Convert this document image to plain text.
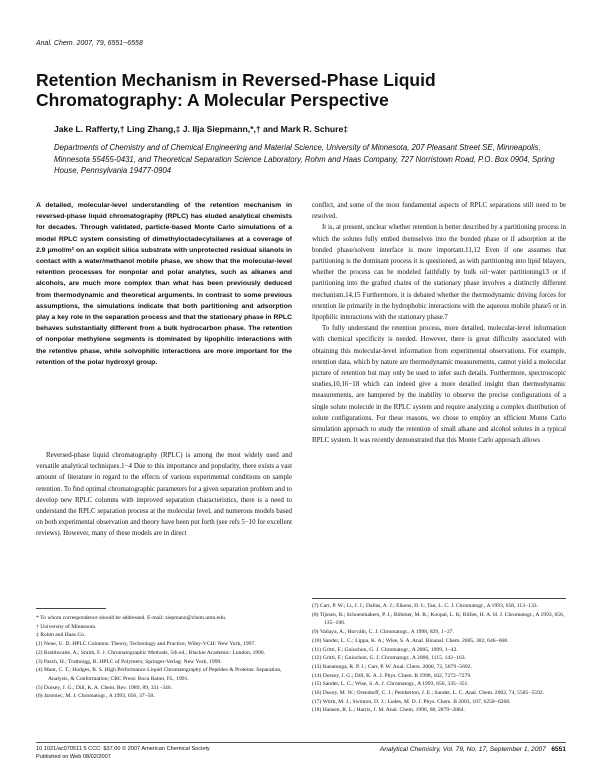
Anal. Chem. 2007, 79, 6551−6558
Retention Mechanism in Reversed-Phase Liquid Chromatography: A Molecular Perspective
Jake L. Rafferty,† Ling Zhang,‡ J. Ilja Siepmann,*,† and Mark R. Schure‡
Departments of Chemistry and of Chemical Engineering and Material Science, University of Minnesota, 207 Pleasant Street SE, Minneapolis, Minnesota 55455-0431, and Theoretical Separation Science Laboratory, Rohm and Haas Company, 727 Norristown Road, P.O. Box 0904, Spring House, Pennsylvania 19477-0904

A detailed, molecular-level understanding of the retention mechanism in reversed-phase liquid chromatography (RPLC) has eluded analytical chemists for decades. Through validated, particle-based Monte Carlo simulations of a model RPLC system consisting of dimethyloctadecylsilanes at a coverage of 2.9 μmol/m² on an explicit silica substrate with unprotected residual silanols in contact with a water/methanol mobile phase, we show that the molecular-level retention processes for nonpolar and polar analytes, such as alkanes and alcohols, are much more complex than what has been previously deduced from thermodynamic and theoretical arguments. In contrast to some previous assumptions, the simulations indicate that both partitioning and adsorption play a key role in the separation process and that the stationary phase in RPLC behaves substantially different from a bulk hydrocarbon phase. The retention of nonpolar methylene segments is dominated by lipophilic interactions with the retentive phase, while solvophilic interactions are more important for the retention of the polar hydroxyl group.

Reversed-phase liquid chromatography (RPLC) is among the most widely used and versatile analytical techniques.1−4 Due to this importance and popularity, there exists a vast amount of literature in regard to the effects of various experimental conditions on sample retention. To find optimal chromatographic parameters for a given separation problem and to develop new RPLC columns with improved separation characteristics, there is a need to understand the RPLC separation process at the molecular level, and numerous models based on both experimental observation and theory have been put forth (see refs 5−10 for excellent reviews). However, many of these models are in direct

* To whom correspondence should be addressed. E-mail: siepmann@chem.umn.edu.
† University of Minnesota.
‡ Rohm and Haas Co.
(1) Neue, U. D. HPLC Columns: Theory, Technology and Practice; Wiley-VCH: New York, 1997.
(2) Braithwaite, A.; Smith, F. J. Chromatographic Methods, 5th ed.; Blackie Academic: London, 1996.
(3) Pasch, H.; Trathnigg, B. HPLC of Polymers; Springer-Verlag: New York, 1999.
(4) Mant, C. T.; Hodges, R. S. High Performance Liquid Chromatography of Peptides & Proteins: Separation, Analysis, & Conformation; CRC Press: Boca Raton, FL, 1991.
(5) Dorsey, J. G.; Dill, K. A. Chem. Rev. 1989, 89, 331−346.
(6) Jaroniec, M. J. Chromatogr., A 1993, 656, 37−50.

conflict, and some of the most fundamental aspects of RPLC separations still need to be resolved.

It is, at present, unclear whether retention is better described by a partitioning process in which the solutes fully embed themselves into the bonded phase or if adsorption at the bonded phase/solvent interface is more important.11,12 Even if one assumes that partitioning is the dominant process it is questioned, as with partitioning into lipid bilayers, whether the process can be modeled faithfully by bulk oil−water partitioning13 or if partitioning into the grafted chains of the stationary phase involves a distinctly different mechanism.14,15 Furthermore, it is debated whether the thermodynamic driving forces for retention lie primarily in the hydrophobic interactions with the aqueous mobile phase5 or in lipophilic interactions with the stationary phase.7

To fully understand the retention process, more detailed, molecular-level information with chemical specificity is needed. However, there is great difficulty associated with obtaining this molecular-level information from experimental observations. For example, retention data, which by nature are thermodynamic measurements, cannot yield a molecular picture of retention but may only be used to infer such details. Furthermore, spectroscopic studies,10,16−18 which can indeed give a more detailed insight than thermodynamic measurements, are hampered by the inability to observe the precise configurations of a single solute molecule in the RPLC system and require analyzing a complex distribution of solute configurations. For these reasons, we chose to employ an efficient Monte Carlo simulation approach to study the retention of small alkane and alcohol solutes in a typical RPLC system. It was recently demonstrated that this Monte Carlo approach allows

(7) Carr, P. W.; Li, J. J.; Dallas, A. J.; Eikens, D. I.; Tan, L. C. J. Chromatogr., A 1993, 656, 113−133.
(8) Tijssen, R.; Schoenmakers, P. J.; Böhmer, M. R.; Koopal, L. K; Billiet, H. A. H. J. Chromatogr., A 1993, 656, 135−196.
(9) Vailaya, A.; Horváth, C. J. Chromatogr., A 1998, 829, 1−27.
(10) Sander, L. C.; Lippa, K. A.; Wise, S. A. Anal. Bioanal. Chem. 2005, 382, 646−668.
(11) Gritti, F.; Guiochon, G. J. Chromatogr., A 2005, 1099, 1−42.
(12) Gritti, F.; Guiochon, G. J. Chromatogr., A 2006, 1115, 142−163.
(13) Ranatunga, R. P. J.; Carr, P. W. Anal. Chem. 2000, 72, 5679−5692.
(14) Dorsey, J. G.; Dill, K. A. J. Phys. Chem. B 1998, 102, 7272−7279.
(15) Sander, L. C.; Wise, S. A. J. Chromatogr., A 1993, 656, 335−351.
(16) Ducey, M. W.; Orendorff, C. J.; Pemberton, J. E.; Sander, L. C. Anal. Chem. 2002, 74, 5585−5592.
(17) Wirth, M. J.; Swinton, D. J.; Ludes, M. D. J. Phys. Chem. B 2003, 107, 6258−6268.
(18) Hansen, R. L.; Harris, J. M. Anal. Chem. 1996, 68, 2879−2884.
10.1021/ac070511 5 CCC: $37.00 © 2007 American Chemical Society
Published on Web 08/02/2007
Analytical Chemistry, Vol. 79, No. 17, September 1, 2007 6551
